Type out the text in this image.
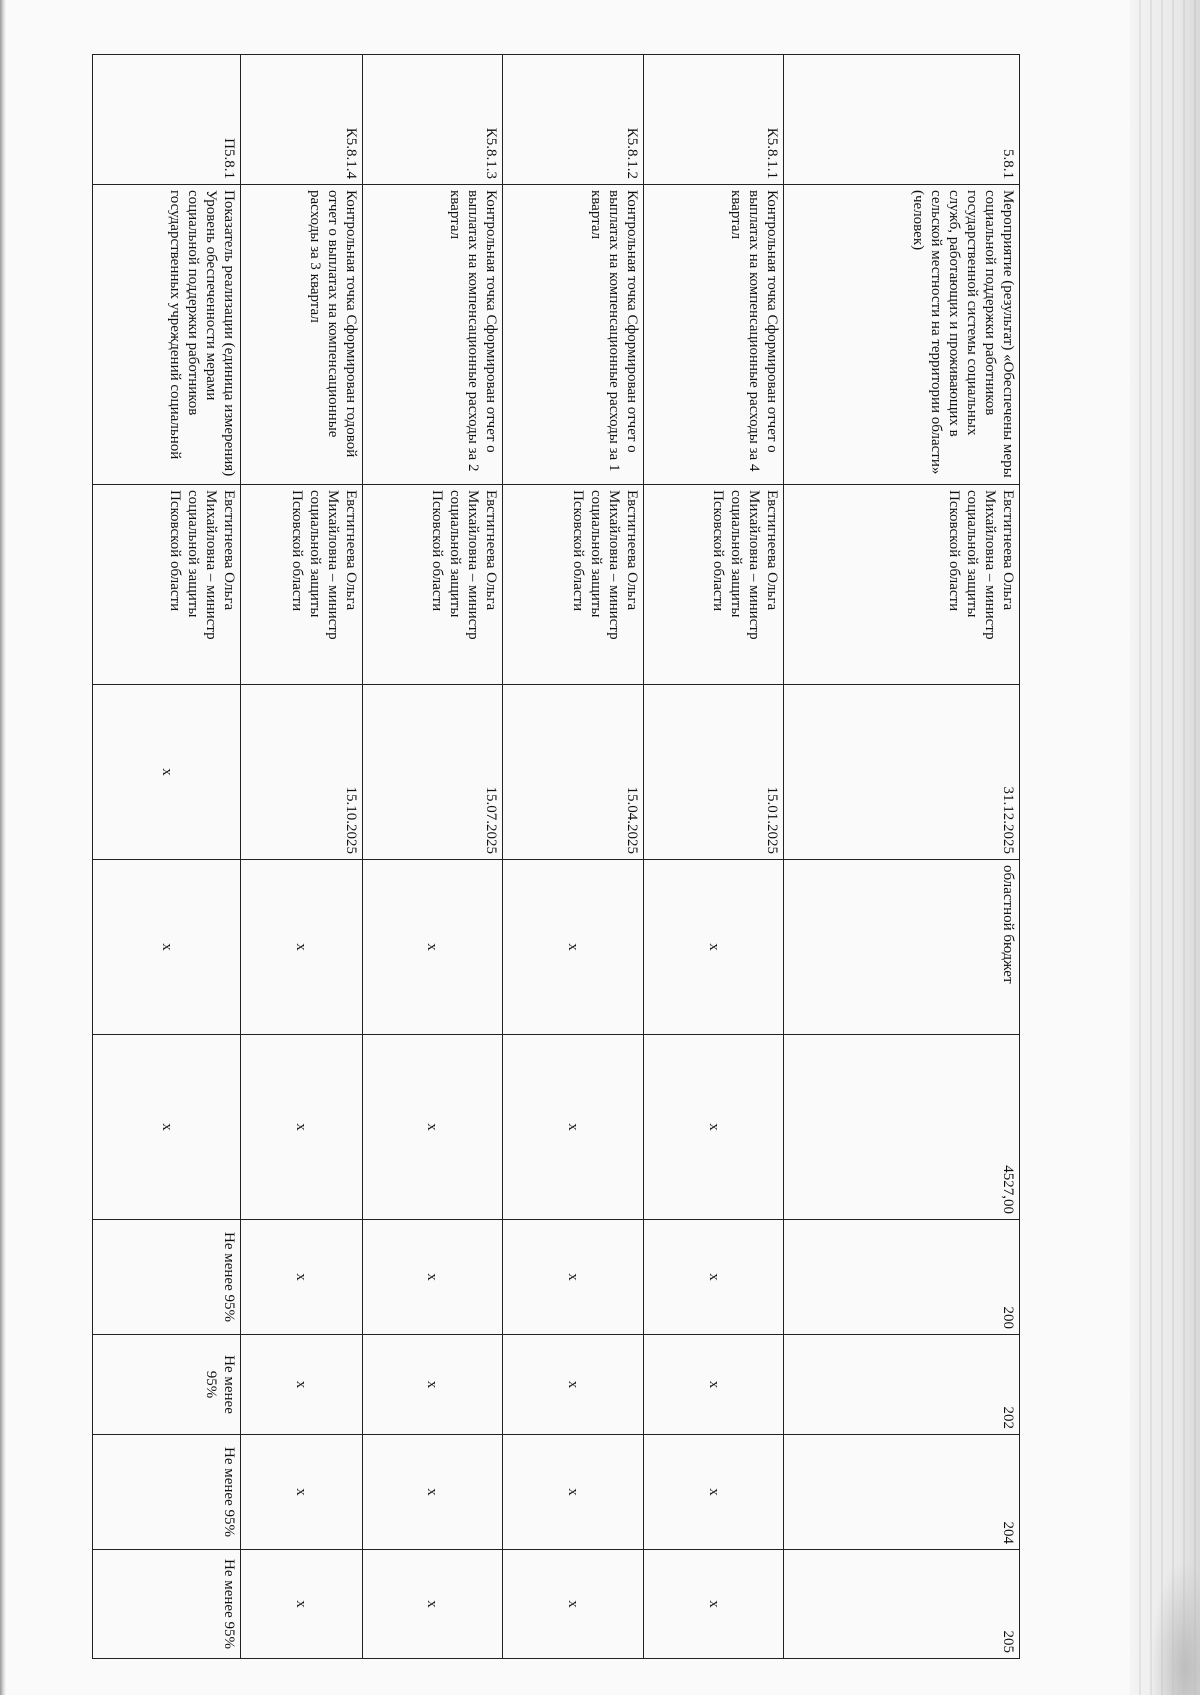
5.8.1	Мероприятие (результат) «Обеспечены меры социальной поддержки работников государственной системы социальных служб, работающих и проживающих в сельской местности на территории области» (человек)	Евстигнеева Ольга Михайловна – министр социальной защиты Псковской области	31.12.2025	областной бюджет	4527,00	200	202	204	205
К5.8.1.1	Контрольная точка Сформирован отчет о выплатах на компенсационные расходы за 4 квартал	Евстигнеева Ольга Михайловна – министр социальной защиты Псковской области	15.01.2025	х	х	х	х	х	х
К5.8.1.2	Контрольная точка Сформирован отчет о выплатах на компенсационные расходы за 1 квартал	Евстигнеева Ольга Михайловна – министр социальной защиты Псковской области	15.04.2025	х	х	х	х	х	х
К5.8.1.3	Контрольная точка Сформирован отчет о выплатах на компенсационные расходы за 2 квартал	Евстигнеева Ольга Михайловна – министр социальной защиты Псковской области	15.07.2025	х	х	х	х	х	х
К5.8.1.4	Контрольная точка Сформирован годовой отчет о выплатах на компенсационные расходы за 3 квартал	Евстигнеева Ольга Михайловна – министр социальной защиты Псковской области	15.10.2025	х	х	х	х	х	х
П5.8.1	Показатель реализации (единица измерения) Уровень обеспеченности мерами социальной поддержки работников государственных учреждений социальной	Евстигнеева Ольга Михайловна – министр социальной защиты Псковской области	х	х	х	Не менее 95%	Не менее 95%	Не менее 95%	Не менее 95%
